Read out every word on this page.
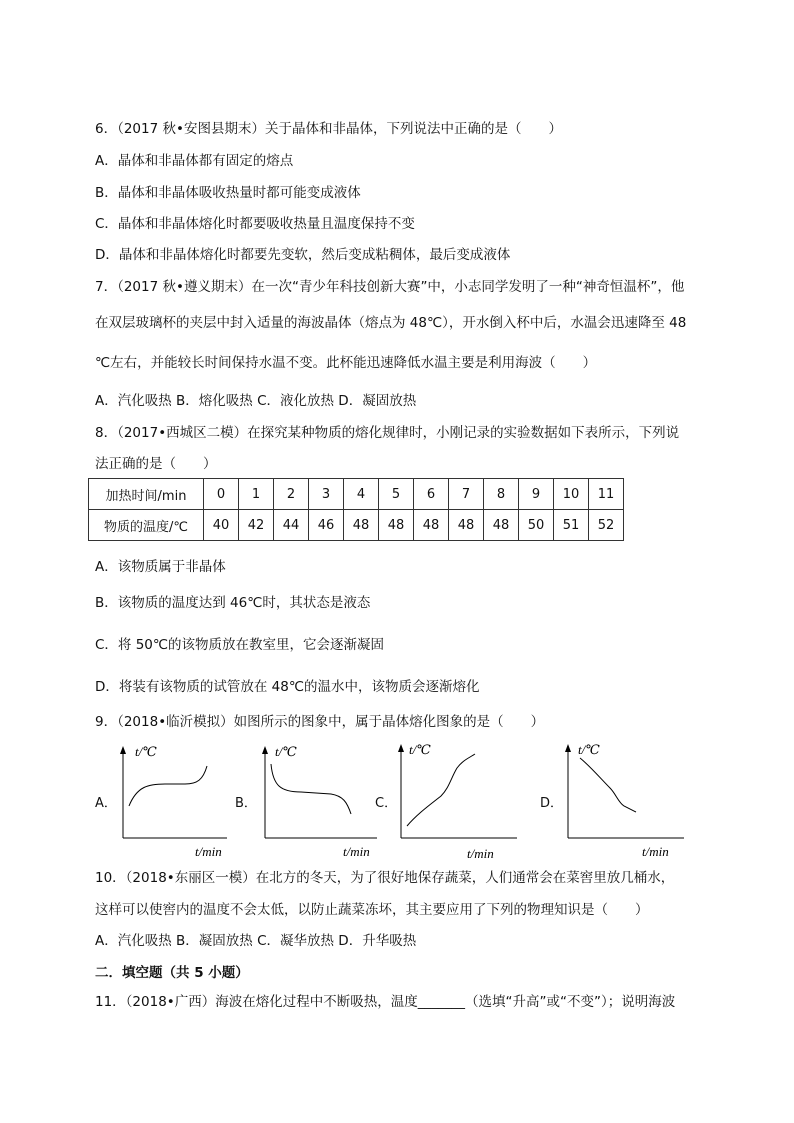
6．（2017 秋•安图县期末）关于晶体和非晶体，下列说法中正确的是（　　）
A．晶体和非晶体都有固定的熔点
B．晶体和非晶体吸收热量时都可能变成液体
C．晶体和非晶体熔化时都要吸收热量且温度保持不变
D．晶体和非晶体熔化时都要先变软，然后变成粘稠体，最后变成液体
7．（2017 秋•遵义期末）在一次“青少年科技创新大赛”中，小志同学发明了一种“神奇恒温杯”，他
在双层玻璃杯的夹层中封入适量的海波晶体（熔点为 48℃），开水倒入杯中后，水温会迅速降至 48
℃左右，并能较长时间保持水温不变。此杯能迅速降低水温主要是利用海波（　　）
A．汽化吸热 B．熔化吸热 C．液化放热 D．凝固放热
8．（2017•西城区二模）在探究某种物质的熔化规律时，小刚记录的实验数据如下表所示，下列说
法正确的是（　　）
加热时间/min	0	1	2	3	4	5	6	7	8	9	10	11
物质的温度/℃	40	42	44	46	48	48	48	48	48	50	51	52
A．该物质属于非晶体
B．该物质的温度达到 46℃时，其状态是液态
C．将 50℃的该物质放在教室里，它会逐渐凝固
D．将装有该物质的试管放在 48℃的温水中，该物质会逐渐熔化
9．（2018•临沂模拟）如图所示的图象中，属于晶体熔化图象的是（　　）
A．
t/℃
t/min
B．
t/℃
t/min
C．
t/℃
t/min
D．
t/℃
t/min
10．（2018•东丽区一模）在北方的冬天，为了很好地保存蔬菜，人们通常会在菜窖里放几桶水，
这样可以使窖内的温度不会太低，以防止蔬菜冻坏，其主要应用了下列的物理知识是（　　）
A．汽化吸热 B．凝固放热 C．凝华放热 D．升华吸热
二．填空题（共 5 小题）
11．（2018•广西）海波在熔化过程中不断吸热，温度_______（选填“升高”或“不变”）；说明海波
